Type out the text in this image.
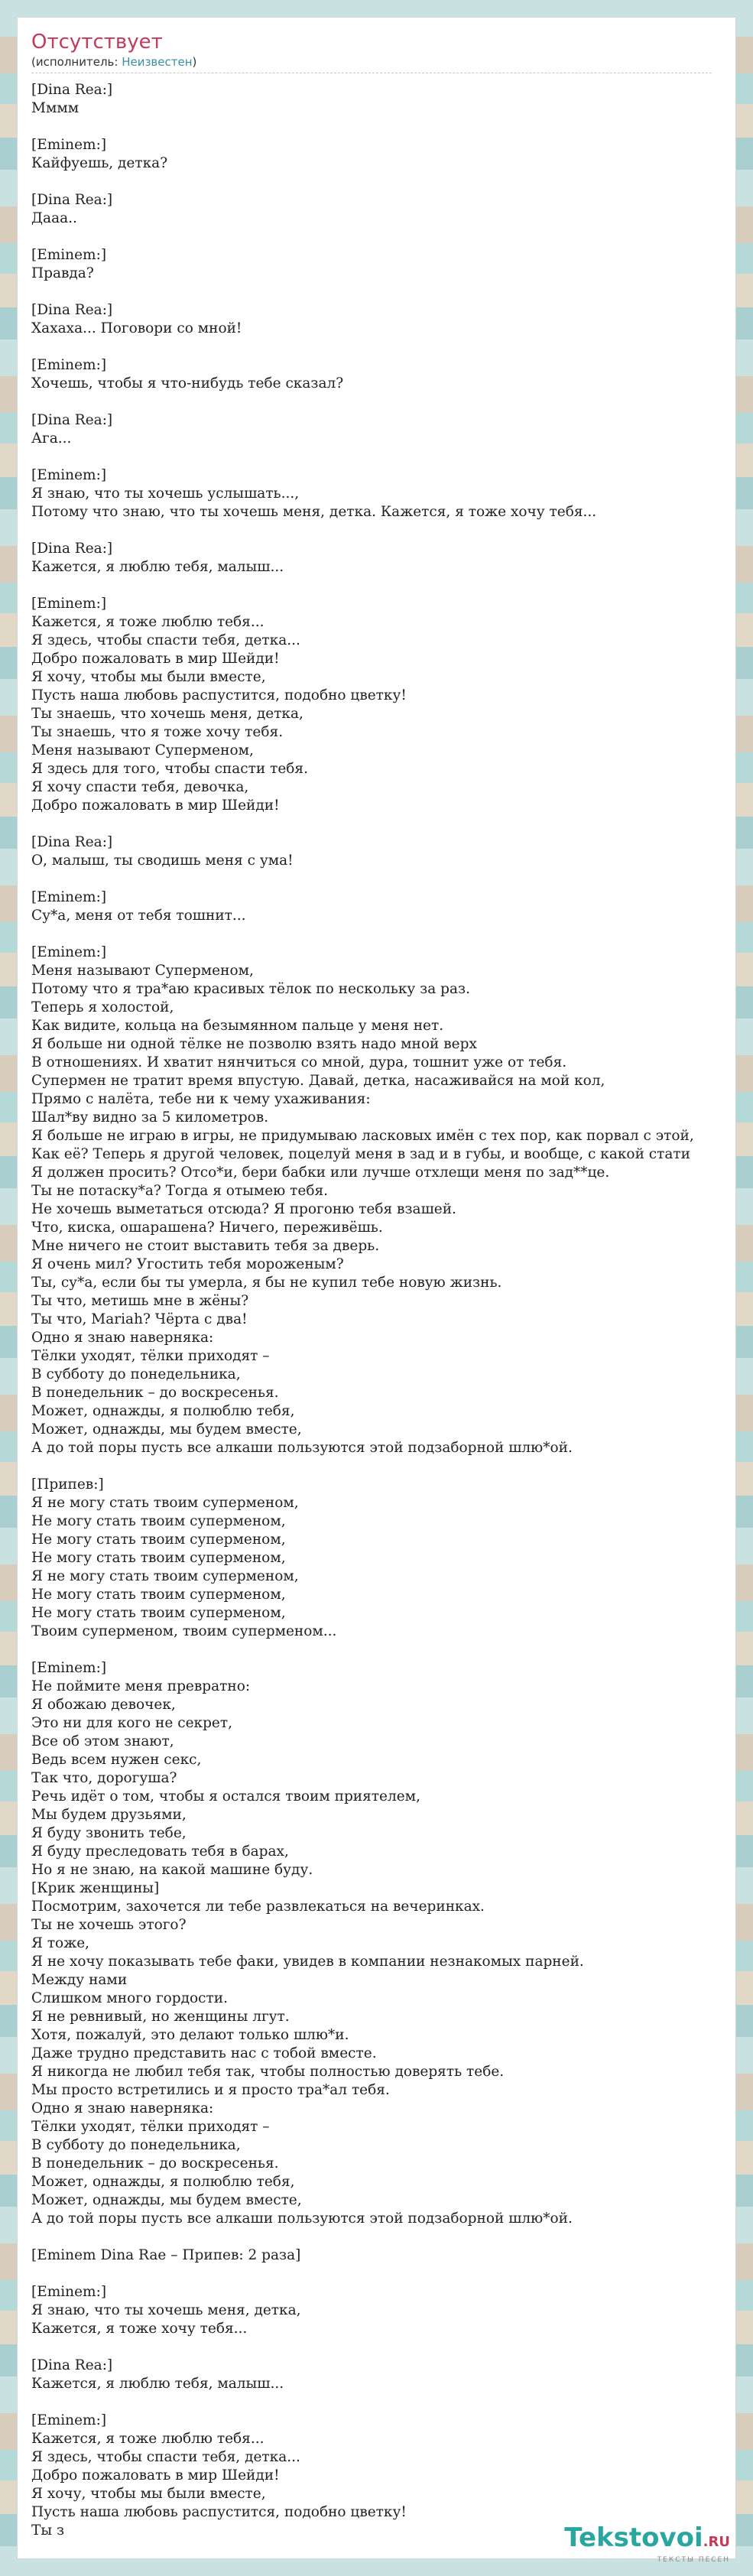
Отсутствует
(исполнитель: Неизвестен)
[Dina Rea:]
Мммм
[Eminem:]
Кайфуешь, детка?
[Dina Rea:]
Дааа..
[Eminem:]
Правда?
[Dina Rea:]
Хахаха... Поговори со мной!
[Eminem:]
Хочешь, чтобы я что-нибудь тебе сказал?
[Dina Rea:]
Ага...
[Eminem:]
Я знаю, что ты хочешь услышать...,
Потому что знаю, что ты хочешь меня, детка. Кажется, я тоже хочу тебя...
[Dina Rea:]
Кажется, я люблю тебя, малыш...
[Eminem:]
Кажется, я тоже люблю тебя...
Я здесь, чтобы спасти тебя, детка...
Добро пожаловать в мир Шейди!
Я хочу, чтобы мы были вместе,
Пусть наша любовь распустится, подобно цветку!
Ты знаешь, что хочешь меня, детка,
Ты знаешь, что я тоже хочу тебя.
Меня называют Суперменом,
Я здесь для того, чтобы спасти тебя.
Я хочу спасти тебя, девочка,
Добро пожаловать в мир Шейди!
[Dina Rea:]
О, малыш, ты сводишь меня с ума!
[Eminem:]
Су*а, меня от тебя тошнит...
[Eminem:]
Меня называют Суперменом,
Потому что я тра*аю красивых тёлок по нескольку за раз.
Теперь я холостой,
Как видите, кольца на безымянном пальце у меня нет.
Я больше ни одной тёлке не позволю взять надо мной верх
В отношениях. И хватит нянчиться со мной, дура, тошнит уже от тебя.
Супермен не тратит время впустую. Давай, детка, насаживайся на мой кол,
Прямо с налёта, тебе ни к чему ухаживания:
Шал*ву видно за 5 километров.
Я больше не играю в игры, не придумываю ласковых имён с тех пор, как порвал с этой,
Как её? Теперь я другой человек, поцелуй меня в зад и в губы, и вообще, с какой стати
Я должен просить? Отсо*и, бери бабки или лучше отхлещи меня по зад**це.
Ты не потаску*а? Тогда я отымею тебя.
Не хочешь выметаться отсюда? Я прогоню тебя взашей.
Что, киска, ошарашена? Ничего, переживёшь.
Мне ничего не стоит выставить тебя за дверь.
Я очень мил? Угостить тебя мороженым?
Ты, су*а, если бы ты умерла, я бы не купил тебе новую жизнь.
Ты что, метишь мне в жёны?
Ты что, Mariah? Чёрта с два!
Одно я знаю наверняка:
Тёлки уходят, тёлки приходят –
В субботу до понедельника,
В понедельник – до воскресенья.
Может, однажды, я полюблю тебя,
Может, однажды, мы будем вместе,
А до той поры пусть все алкаши пользуются этой подзаборной шлю*ой.
[Припев:]
Я не могу стать твоим суперменом,
Не могу стать твоим суперменом,
Не могу стать твоим суперменом,
Не могу стать твоим суперменом,
Я не могу стать твоим суперменом,
Не могу стать твоим суперменом,
Не могу стать твоим суперменом,
Твоим суперменом, твоим суперменом...
[Eminem:]
Не поймите меня превратно:
Я обожаю девочек,
Это ни для кого не секрет,
Все об этом знают,
Ведь всем нужен секс,
Так что, дорогуша?
Речь идёт о том, чтобы я остался твоим приятелем,
Мы будем друзьями,
Я буду звонить тебе,
Я буду преследовать тебя в барах,
Но я не знаю, на какой машине буду.
[Крик женщины]
Посмотрим, захочется ли тебе развлекаться на вечеринках.
Ты не хочешь этого?
Я тоже,
Я не хочу показывать тебе факи, увидев в компании незнакомых парней.
Между нами
Слишком много гордости.
Я не ревнивый, но женщины лгут.
Хотя, пожалуй, это делают только шлю*и.
Даже трудно представить нас с тобой вместе.
Я никогда не любил тебя так, чтобы полностью доверять тебе.
Мы просто встретились и я просто тра*ал тебя.
Одно я знаю наверняка:
Тёлки уходят, тёлки приходят –
В субботу до понедельника,
В понедельник – до воскресенья.
Может, однажды, я полюблю тебя,
Может, однажды, мы будем вместе,
А до той поры пусть все алкаши пользуются этой подзаборной шлю*ой.
[Eminem Dina Rae – Припев: 2 раза]
[Eminem:]
Я знаю, что ты хочешь меня, детка,
Кажется, я тоже хочу тебя...
[Dina Rea:]
Кажется, я люблю тебя, малыш...
[Eminem:]
Кажется, я тоже люблю тебя...
Я здесь, чтобы спасти тебя, детка...
Добро пожаловать в мир Шейди!
Я хочу, чтобы мы были вместе,
Пусть наша любовь распустится, подобно цветку!
Ты з	Tekstovoi.RU
ТЕКСТЫ ПЕСЕН
